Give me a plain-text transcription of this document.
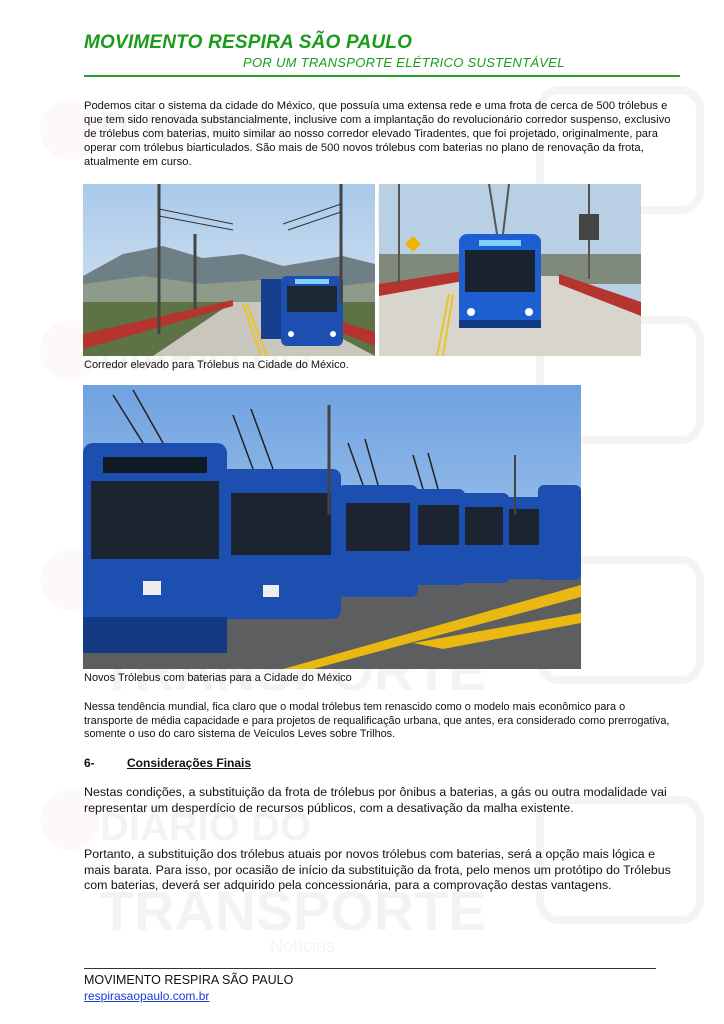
MOVIMENTO RESPIRA SÃO PAULO
POR UM TRANSPORTE ELÉTRICO SUSTENTÁVEL
Podemos citar o sistema da cidade do México, que possuía uma extensa rede e uma frota de cerca de 500 trólebus e que tem sido renovada substancialmente, inclusive com a implantação do revolucionário corredor suspenso, exclusivo de trólebus com baterias, muito similar ao nosso corredor elevado Tiradentes, que foi projetado, originalmente, para operar com trólebus biarticulados. São mais de 500 novos trólebus com baterias no plano de renovação da frota, atualmente em curso.
Corredor elevado para Trólebus na Cidade do México.
Novos Trólebus com baterias para a Cidade do México
Nessa tendência mundial, fica claro que o modal trólebus tem renascido como o modelo mais econômico para o transporte de média capacidade e para projetos de requalificação urbana, que antes, era considerado como prerrogativa, somente o uso do caro sistema de Veículos Leves sobre Trilhos.
6-	Considerações Finais
Nestas condições, a substituição da frota de trólebus por ônibus a baterias, a gás ou outra modalidade vai representar um desperdício de recursos públicos, com a desativação da malha existente.
Portanto, a substituição dos trólebus atuais por novos trólebus com baterias, será a opção mais lógica e mais barata. Para isso, por ocasião de início da substituição da frota, pelo menos um protótipo do Trólebus com baterias, deverá ser adquirido pela concessionária, para a comprovação destas vantagens.
MOVIMENTO RESPIRA SÃO PAULO
respirasaopaulo.com.br
